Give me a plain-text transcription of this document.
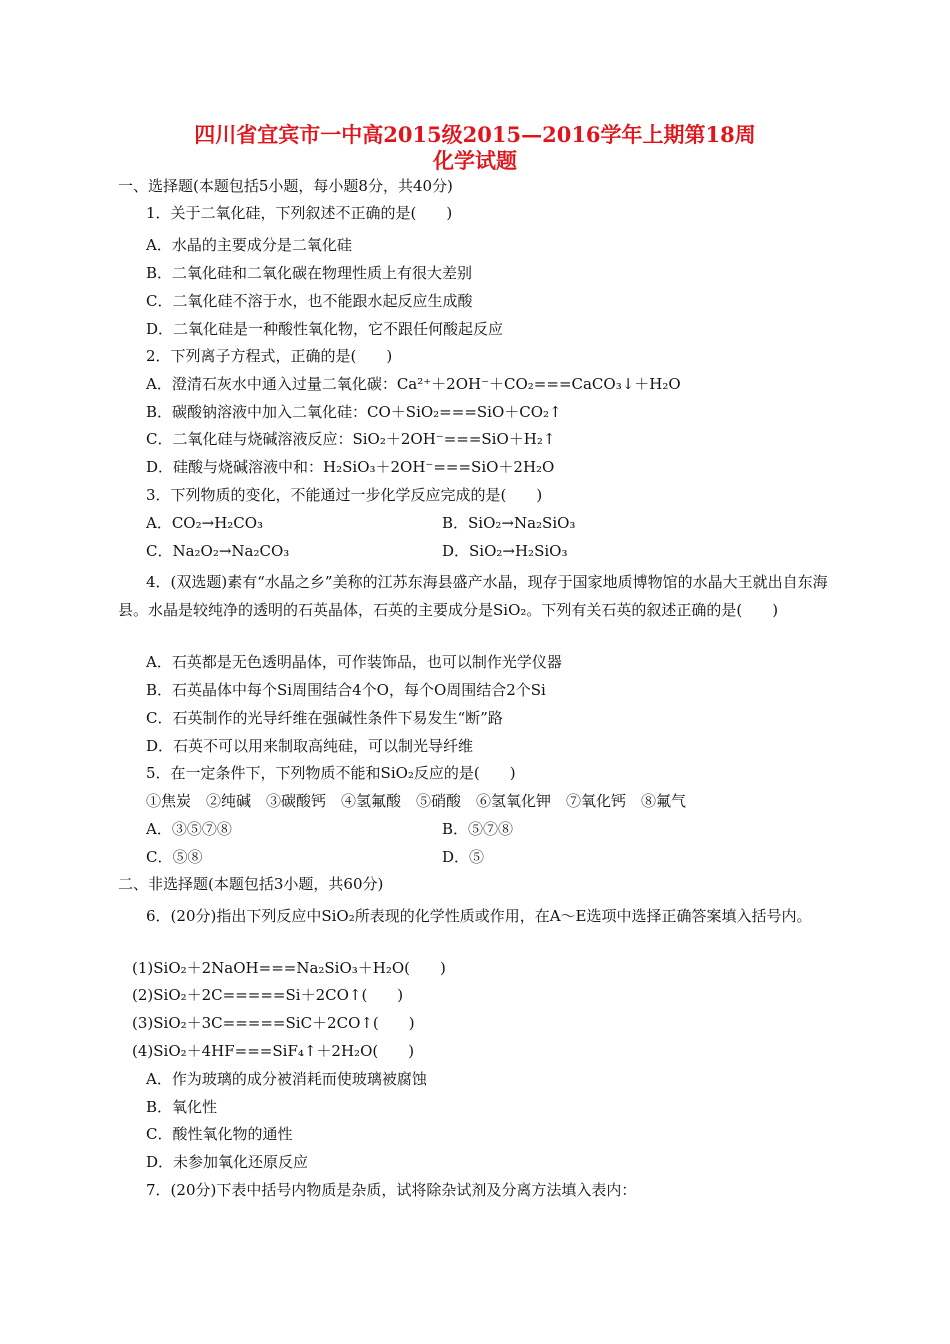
四川省宜宾市一中高2015级2015—2016学年上期第18周
化学试题
一、选择题(本题包括5小题，每小题8分，共40分)
1．关于二氧化硅，下列叙述不正确的是(　　)
A．水晶的主要成分是二氧化硅
B．二氧化硅和二氧化碳在物理性质上有很大差别
C．二氧化硅不溶于水，也不能跟水起反应生成酸
D．二氧化硅是一种酸性氧化物，它不跟任何酸起反应
2．下列离子方程式，正确的是(　　)
A．澄清石灰水中通入过量二氧化碳：Ca²⁺＋2OH⁻＋CO₂===CaCO₃↓＋H₂O
B．碳酸钠溶液中加入二氧化硅：CO＋SiO₂===SiO＋CO₂↑
C．二氧化硅与烧碱溶液反应：SiO₂＋2OH⁻===SiO＋H₂↑
D．硅酸与烧碱溶液中和：H₂SiO₃＋2OH⁻===SiO＋2H₂O
3．下列物质的变化，不能通过一步化学反应完成的是(　　)
A．CO₂→H₂CO₃	B．SiO₂→Na₂SiO₃
C．Na₂O₂→Na₂CO₃	D．SiO₂→H₂SiO₃
4．(双选题)素有“水晶之乡”美称的江苏东海县盛产水晶，现存于国家地质博物馆的水晶大王就出自东海县。水晶是较纯净的透明的石英晶体，石英的主要成分是SiO₂。下列有关石英的叙述正确的是(　　)
A．石英都是无色透明晶体，可作装饰品，也可以制作光学仪器
B．石英晶体中每个Si周围结合4个O，每个O周围结合2个Si
C．石英制作的光导纤维在强碱性条件下易发生“断”路
D．石英不可以用来制取高纯硅，可以制光导纤维
5．在一定条件下，下列物质不能和SiO₂反应的是(　　)
①焦炭　②纯碱　③碳酸钙　④氢氟酸　⑤硝酸　⑥氢氧化钾　⑦氧化钙　⑧氟气
A．③⑤⑦⑧	B．⑤⑦⑧
C．⑤⑧	D．⑤
二、非选择题(本题包括3小题，共60分)
6．(20分)指出下列反应中SiO₂所表现的化学性质或作用，在A～E选项中选择正确答案填入括号内。
(1)SiO₂＋2NaOH===Na₂SiO₃＋H₂O(　　)
(2)SiO₂＋2C=====Si＋2CO↑(　　)
(3)SiO₂＋3C=====SiC＋2CO↑(　　)
(4)SiO₂＋4HF===SiF₄↑＋2H₂O(　　)
A．作为玻璃的成分被消耗而使玻璃被腐蚀
B．氧化性
C．酸性氧化物的通性
D．未参加氧化还原反应
7．(20分)下表中括号内物质是杂质，试将除杂试剂及分离方法填入表内：
